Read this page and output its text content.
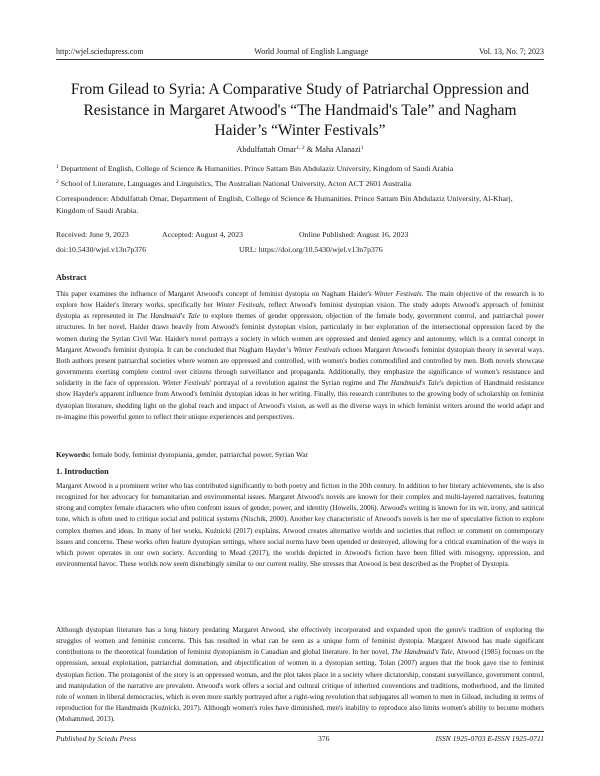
http://wjel.sciedupress.com	World Journal of English Language	Vol. 13, No. 7; 2023
From Gilead to Syria: A Comparative Study of Patriarchal Oppression and Resistance in Margaret Atwood's “The Handmaid's Tale” and Nagham Haider’s “Winter Festivals”
Abdulfattah Omar$^{1, 2}$ & Maha Alanazi$^1$
$^1$ Department of English, College of Science & Humanities. Prince Sattam Bin Abdulaziz University, Kingdom of Saudi Arabia
$^2$ School of Literature, Languages and Linguistics, The Australian National University, Acton ACT 2601 Australia
Correspondence: Abdulfattah Omar, Department of English, College of Science & Humanities. Prince Sattam Bin Abdulaziz University, Al-Kharj, Kingdom of Saudi Arabia.
Received: June 9, 2023	Accepted: August 4, 2023	Online Published: August 16, 2023
doi:10.5430/wjel.v13n7p376	URL: https://doi.org/10.5430/wjel.v13n7p376
Abstract
This paper examines the influence of Margaret Atwood's concept of feminist dystopia on Nagham Haider's Winter Festivals. The main objective of the research is to explore how Haider's literary works, specifically her Winter Festivals, reflect Atwood's feminist dystopian vision. The study adopts Atwood's approach of feminist dystopia as represented in The Handmaid's Tale to explore themes of gender oppression, objection of the female body, government control, and patriarchal power structures. In her novel, Haider draws heavily from Atwood's feminist dystopian vision, particularly in her exploration of the intersectional oppression faced by the women during the Syrian Civil War. Haider's novel portrays a society in which women are oppressed and denied agency and autonomy, which is a central concept in Margaret Atwood's feminist dystopia. It can be concluded that Nagham Hayder’s Winter Festivals echoes Margaret Atwood's feminist dystopian theory in several ways. Both authors present patriarchal societies where women are oppressed and controlled, with women's bodies commodified and controlled by men. Both novels showcase governments exerting complete control over citizens through surveillance and propaganda. Additionally, they emphasize the significance of women's resistance and solidarity in the face of oppression. Winter Festivals' portrayal of a revolution against the Syrian regime and The Handmaid's Tale's depiction of Handmaid resistance show Hayder's apparent influence from Atwood's feminist dystopian ideas in her writing. Finally, this research contributes to the growing body of scholarship on feminist dystopian literature, shedding light on the global reach and impact of Atwood's vision, as well as the diverse ways in which feminist writers around the world adapt and re-imagine this powerful genre to reflect their unique experiences and perspectives.
Keywords: female body, feminist dystopiania, gender, patriarchal power, Syrian War
1. Introduction
Margaret Atwood is a prominent writer who has contributed significantly to both poetry and fiction in the 20th century. In addition to her literary achievements, she is also recognized for her advocacy for humanitarian and environmental issues. Margaret Atwood's novels are known for their complex and multi-layered narratives, featuring strong and complex female characters who often confront issues of gender, power, and identity (Howells, 2006). Atwood's writing is known for its wit, irony, and satirical tone, which is often used to critique social and political systems (Nischik, 2000). Another key characteristic of Atwood's novels is her use of speculative fiction to explore complex themes and ideas. In many of her works, Kuźnicki (2017) explains, Atwood creates alternative worlds and societies that reflect or comment on contemporary issues and concerns. These works often feature dystopian settings, where social norms have been upended or destroyed, allowing for a critical examination of the ways in which power operates in our own society. According to Mead (2017), the worlds depicted in Atwood's fiction have been filled with misogyny, oppression, and environmental havoc. These worlds now seem disturbingly similar to our current reality. She stresses that Atwood is best described as the Prophet of Dystopia.
Although dystopian literature has a long history predating Margaret Atwood, she effectively incorporated and expanded upon the genre's tradition of exploring the struggles of women and feminist concerns. This has resulted in what can be seen as a unique form of feminist dystopia. Margaret Atwood has made significant contributions to the theoretical foundation of feminist dystopianism in Canadian and global literature. In her novel, The Handmaid's Tale, Atwood (1985) focuses on the oppression, sexual exploitation, patriarchal domination, and objectification of women in a dystopian setting. Tolan (2007) argues that the book gave rise to feminist dystopian fiction. The protagonist of the story is an oppressed woman, and the plot takes place in a society where dictatorship, constant surveillance, government control, and manipulation of the narrative are prevalent. Atwood's work offers a social and cultural critique of inherited conventions and traditions, motherhood, and the limited role of women in liberal democracies, which is even more starkly portrayed after a right-wing revolution that subjugates all women to men in Gilead, including in terms of reproduction for the Handmaids (Kuźnicki, 2017). Although women's roles have diminished, men's inability to reproduce also limits women's ability to become mothers (Mohammed, 2013).
Published by Sciedu Press	376	ISSN 1925-0703 E-ISSN 1925-0711
